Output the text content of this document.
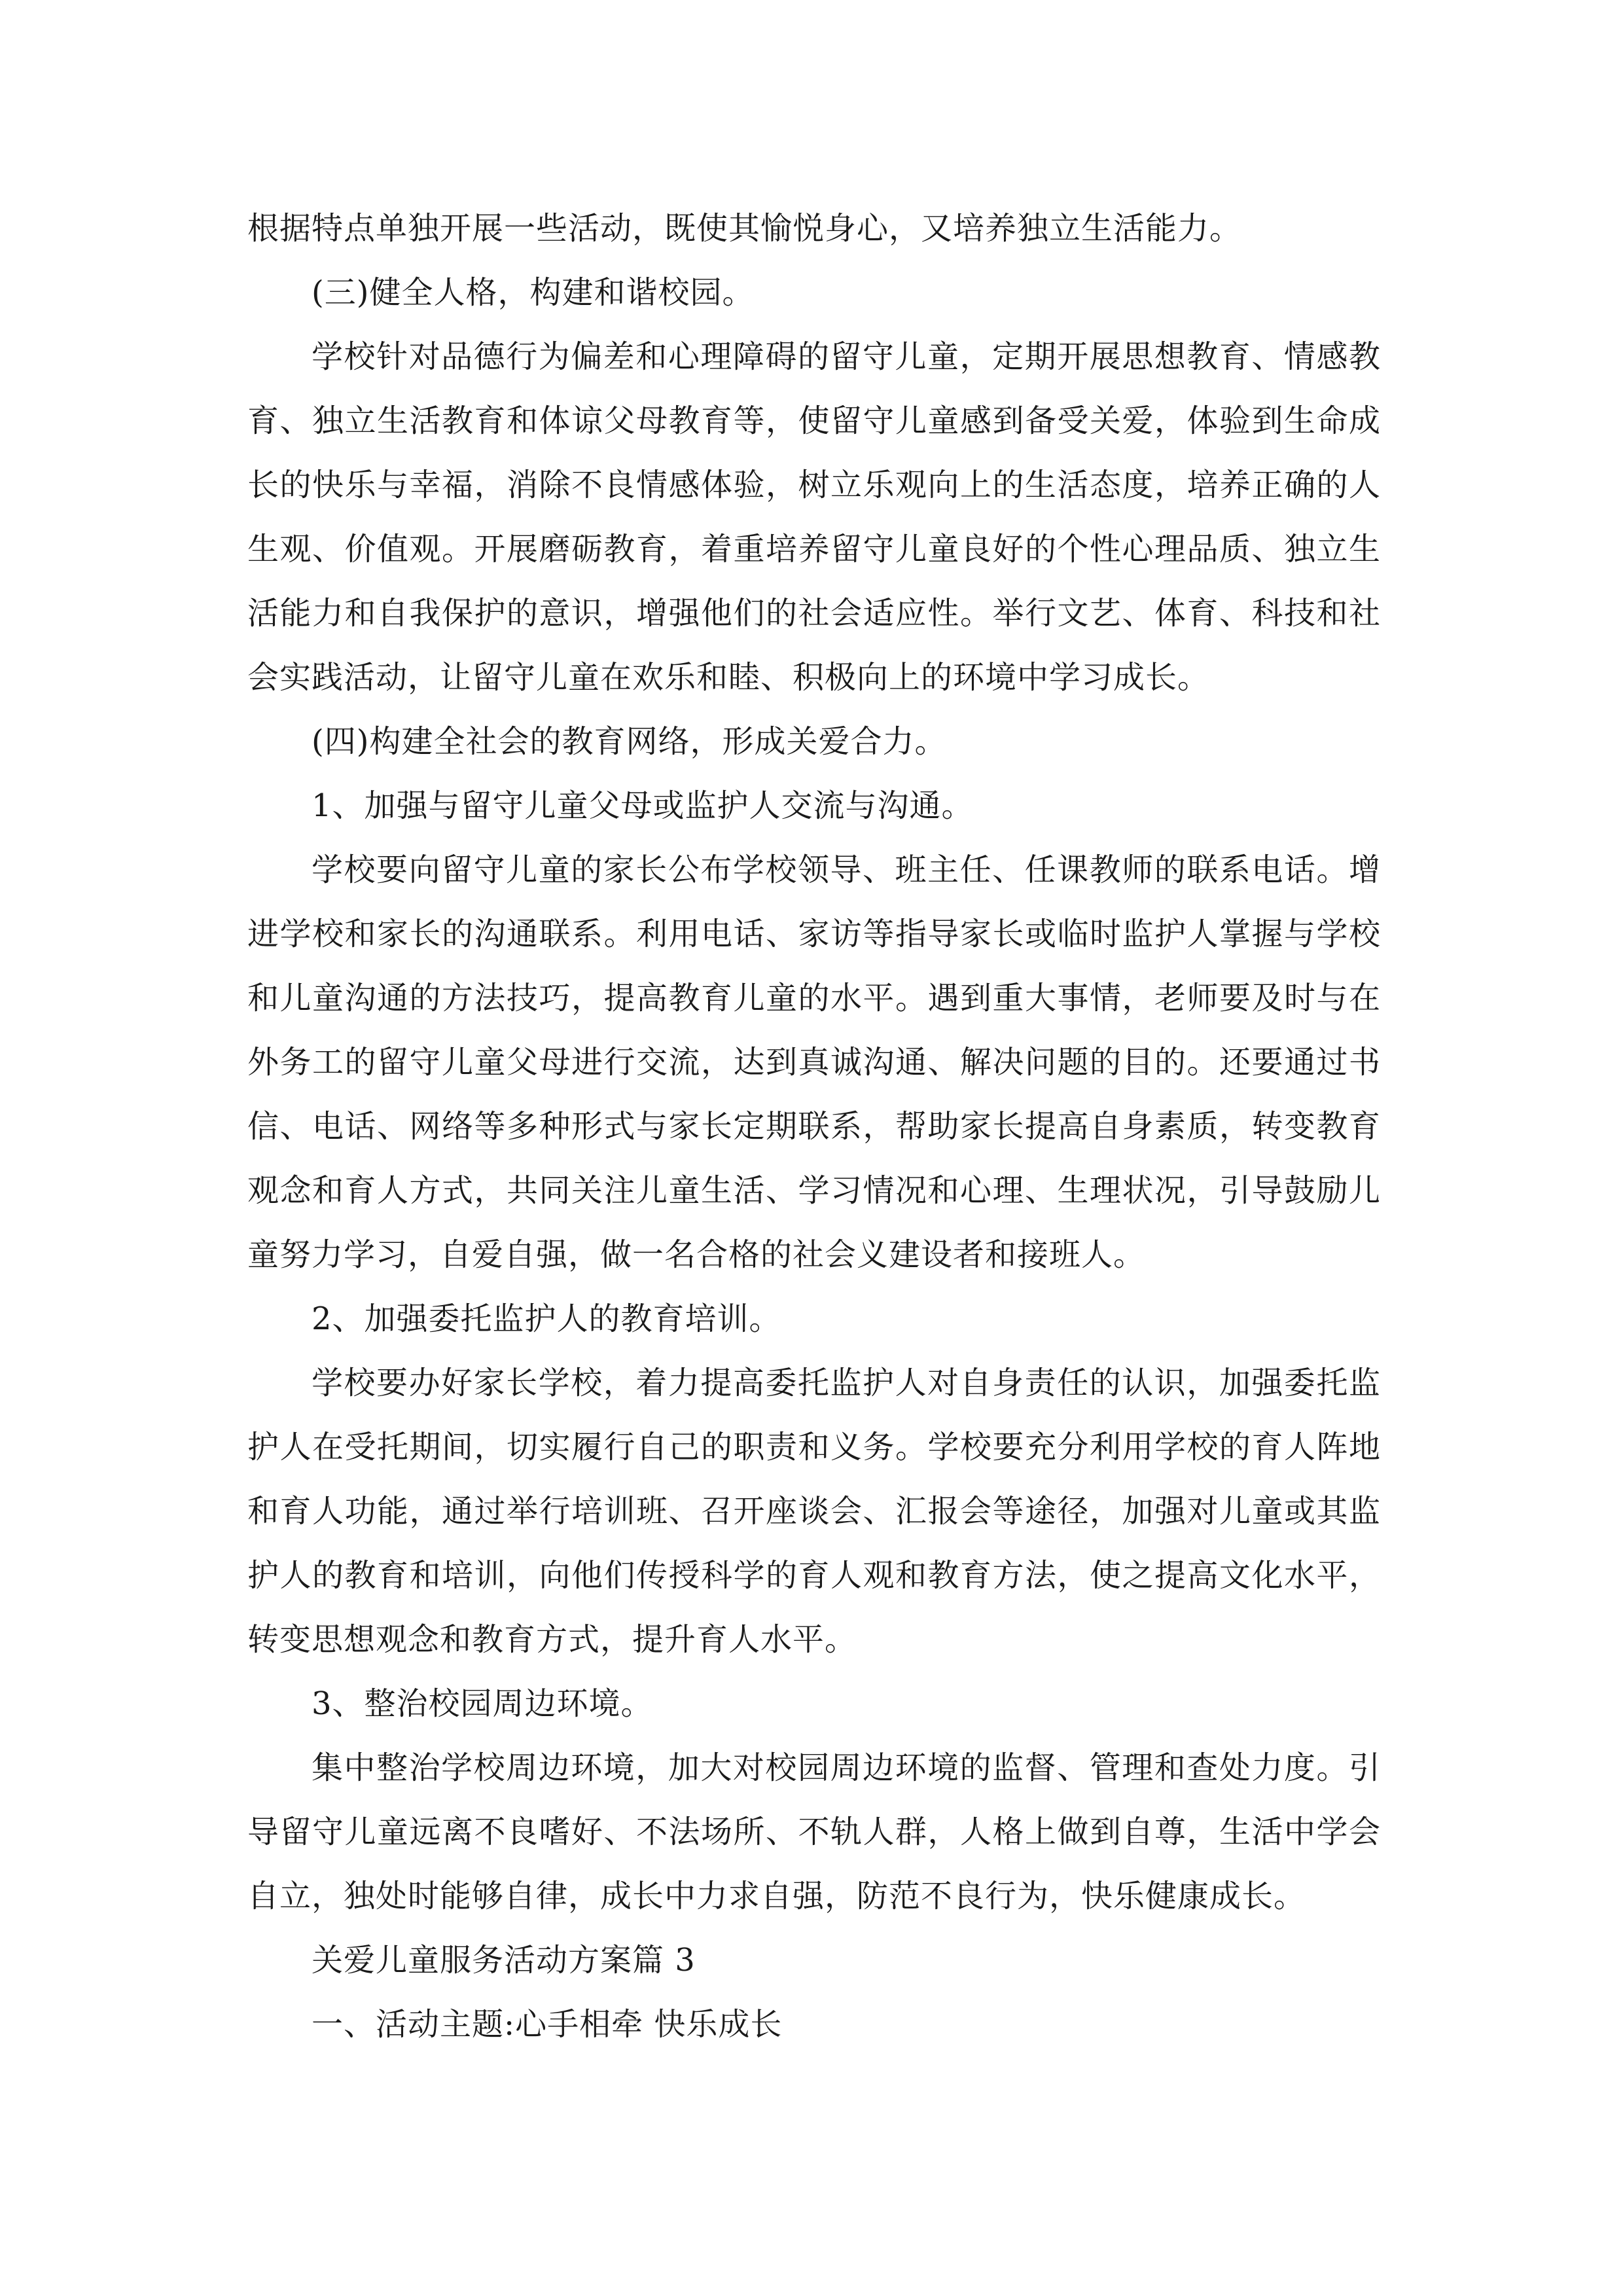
根据特点单独开展一些活动，既使其愉悦身心，又培养独立生活能力。

(三)健全人格，构建和谐校园。

学校针对品德行为偏差和心理障碍的留守儿童，定期开展思想教育、情感教育、独立生活教育和体谅父母教育等，使留守儿童感到备受关爱，体验到生命成长的快乐与幸福，消除不良情感体验，树立乐观向上的生活态度，培养正确的人生观、价值观。开展磨砺教育，着重培养留守儿童良好的个性心理品质、独立生活能力和自我保护的意识，增强他们的社会适应性。举行文艺、体育、科技和社会实践活动，让留守儿童在欢乐和睦、积极向上的环境中学习成长。

(四)构建全社会的教育网络，形成关爱合力。

1、加强与留守儿童父母或监护人交流与沟通。

学校要向留守儿童的家长公布学校领导、班主任、任课教师的联系电话。增进学校和家长的沟通联系。利用电话、家访等指导家长或临时监护人掌握与学校和儿童沟通的方法技巧，提高教育儿童的水平。遇到重大事情，老师要及时与在外务工的留守儿童父母进行交流，达到真诚沟通、解决问题的目的。还要通过书信、电话、网络等多种形式与家长定期联系，帮助家长提高自身素质，转变教育观念和育人方式，共同关注儿童生活、学习情况和心理、生理状况，引导鼓励儿童努力学习，自爱自强，做一名合格的社会义建设者和接班人。

2、加强委托监护人的教育培训。

学校要办好家长学校，着力提高委托监护人对自身责任的认识，加强委托监护人在受托期间，切实履行自己的职责和义务。学校要充分利用学校的育人阵地和育人功能，通过举行培训班、召开座谈会、汇报会等途径，加强对儿童或其监护人的教育和培训，向他们传授科学的育人观和教育方法，使之提高文化水平，转变思想观念和教育方式，提升育人水平。

3、整治校园周边环境。

集中整治学校周边环境，加大对校园周边环境的监督、管理和查处力度。引导留守儿童远离不良嗜好、不法场所、不轨人群，人格上做到自尊，生活中学会自立，独处时能够自律，成长中力求自强，防范不良行为，快乐健康成长。

关爱儿童服务活动方案篇 3

一、活动主题:心手相牵 快乐成长
